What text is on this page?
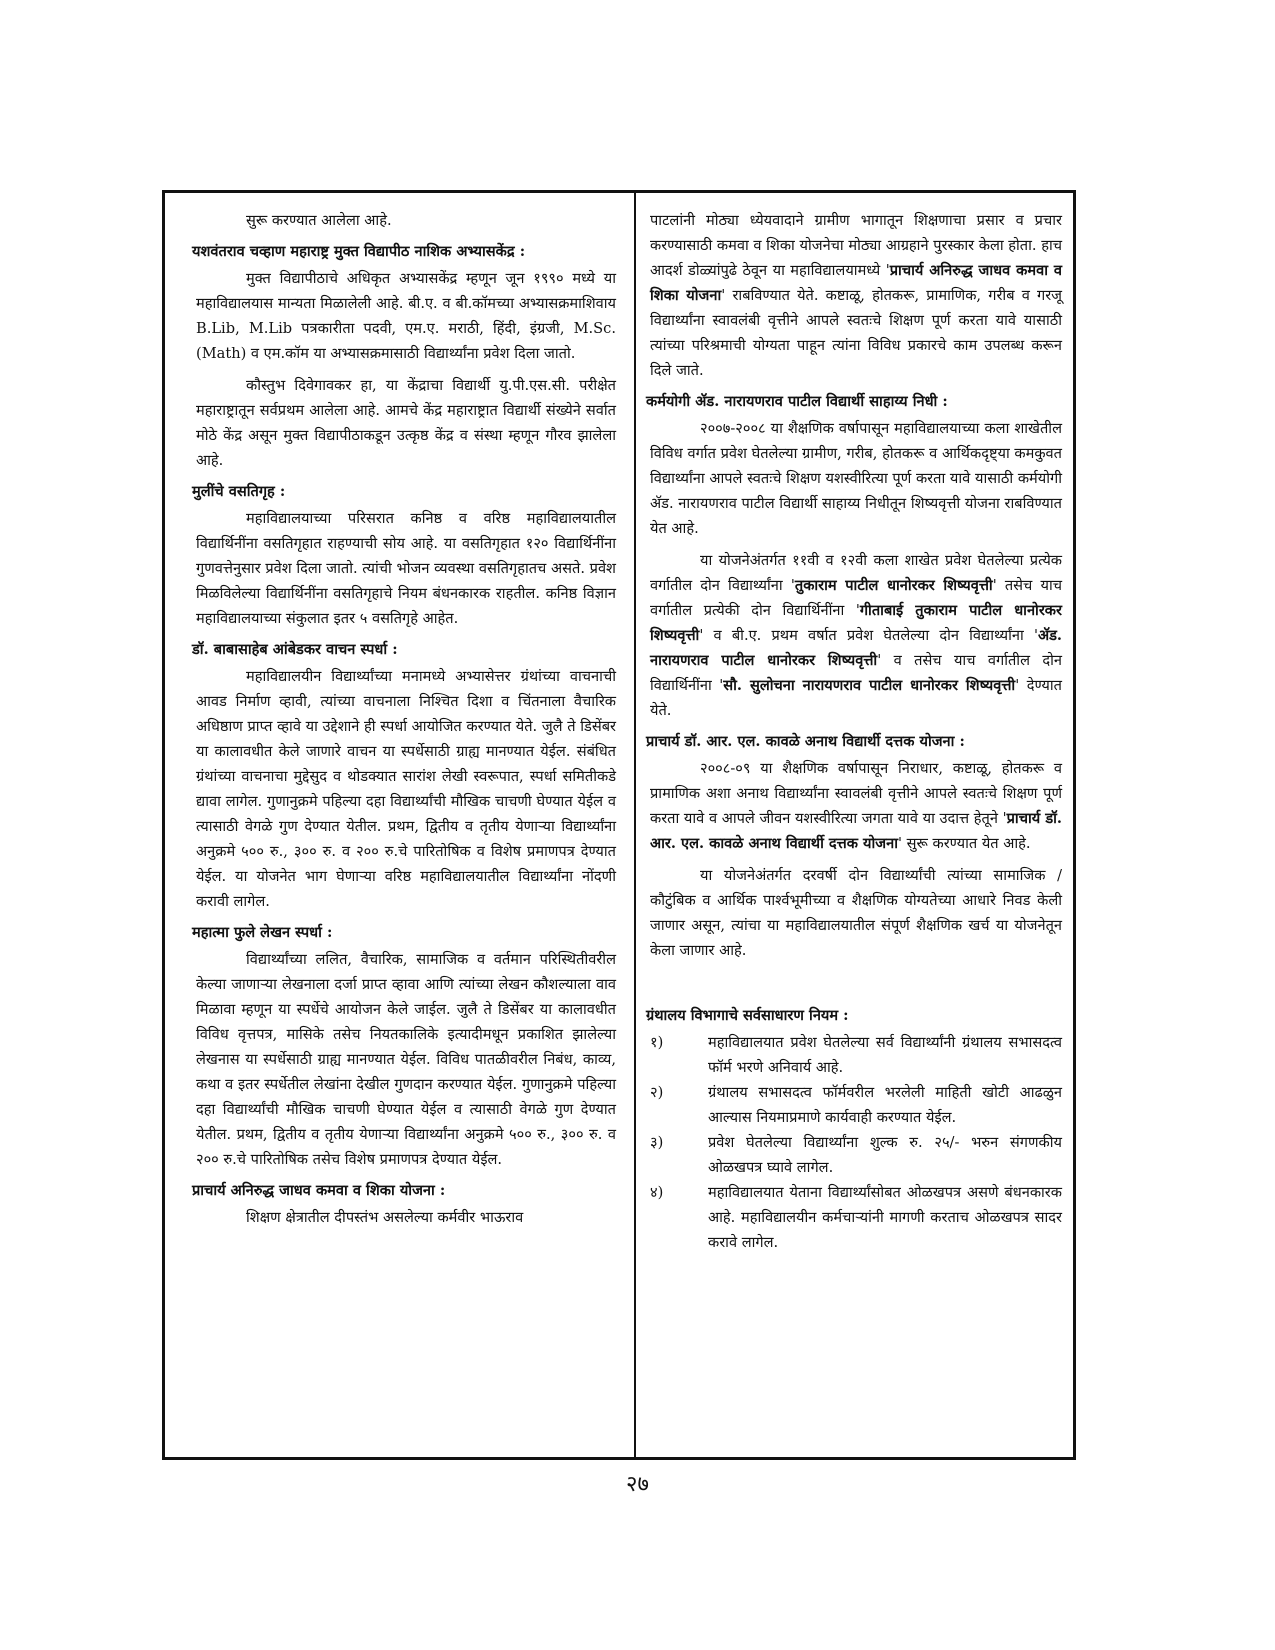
सुरू करण्यात आलेला आहे.

यशवंतराव चव्हाण महाराष्ट्र मुक्त विद्यापीठ नाशिक अभ्यासकेंद्र :

मुक्त विद्यापीठाचे अधिकृत अभ्यासकेंद्र म्हणून जून १९९० मध्ये या महाविद्यालयास मान्यता मिळालेली आहे. बी.ए. व बी.कॉमच्या अभ्यासक्रमाशिवाय B.Lib, M.Lib पत्रकारीता पदवी, एम.ए. मराठी, हिंदी, इंग्रजी, M.Sc. (Math) व एम.कॉम या अभ्यासक्रमासाठी विद्यार्थ्यांना प्रवेश दिला जातो.

कौस्तुभ दिवेगावकर हा, या केंद्राचा विद्यार्थी यु.पी.एस.सी. परीक्षेत महाराष्ट्रातून सर्वप्रथम आलेला आहे. आमचे केंद्र महाराष्ट्रात विद्यार्थी संख्येने सर्वात मोठे केंद्र असून मुक्त विद्यापीठाकडून उत्कृष्ठ केंद्र व संस्था म्हणून गौरव झालेला आहे.

मुलींचे वसतिगृह :

महाविद्यालयाच्या परिसरात कनिष्ठ व वरिष्ठ महाविद्यालयातील विद्यार्थिनींना वसतिगृहात राहण्याची सोय आहे. या वसतिगृहात १२० विद्यार्थिनींना गुणवत्तेनुसार प्रवेश दिला जातो. त्यांची भोजन व्यवस्था वसतिगृहातच असते. प्रवेश मिळविलेल्या विद्यार्थिनींना वसतिगृहाचे नियम बंधनकारक राहतील. कनिष्ठ विज्ञान महाविद्यालयाच्या संकुलात इतर ५ वसतिगृहे आहेत.

डॉ. बाबासाहेब आंबेडकर वाचन स्पर्धा :

महाविद्यालयीन विद्यार्थ्यांच्या मनामध्ये अभ्यासेत्तर ग्रंथांच्या वाचनाची आवड निर्माण व्हावी, त्यांच्या वाचनाला निश्चित दिशा व चिंतनाला वैचारिक अधिष्ठाण प्राप्त व्हावे या उद्देशाने ही स्पर्धा आयोजित करण्यात येते. जुलै ते डिसेंबर या कालावधीत केले जाणारे वाचन या स्पर्धेसाठी ग्राह्य मानण्यात येईल. संबंधित ग्रंथांच्या वाचनाचा मुद्देसुद व थोडक्यात सारांश लेखी स्वरूपात, स्पर्धा समितीकडे द्यावा लागेल. गुणानुक्रमे पहिल्या दहा विद्यार्थ्यांची मौखिक चाचणी घेण्यात येईल व त्यासाठी वेगळे गुण देण्यात येतील. प्रथम, द्वितीय व तृतीय येणाऱ्या विद्यार्थ्यांना अनुक्रमे ५०० रु., ३०० रु. व २०० रु.चे पारितोषिक व विशेष प्रमाणपत्र देण्यात येईल. या योजनेत भाग घेणाऱ्या वरिष्ठ महाविद्यालयातील विद्यार्थ्यांना नोंदणी करावी लागेल.

महात्मा फुले लेखन स्पर्धा :

विद्यार्थ्यांच्या ललित, वैचारिक, सामाजिक व वर्तमान परिस्थितीवरील केल्या जाणाऱ्या लेखनाला दर्जा प्राप्त व्हावा आणि त्यांच्या लेखन कौशल्याला वाव मिळावा म्हणून या स्पर्धेचे आयोजन केले जाईल. जुलै ते डिसेंबर या कालावधीत विविध वृत्तपत्र, मासिके तसेच नियतकालिके इत्यादीमधून प्रकाशित झालेल्या लेखनास या स्पर्धेसाठी ग्राह्य मानण्यात येईल. विविध पातळीवरील निबंध, काव्य, कथा व इतर स्पर्धेतील लेखांना देखील गुणदान करण्यात येईल. गुणानुक्रमे पहिल्या दहा विद्यार्थ्यांची मौखिक चाचणी घेण्यात येईल व त्यासाठी वेगळे गुण देण्यात येतील. प्रथम, द्वितीय व तृतीय येणाऱ्या विद्यार्थ्यांना अनुक्रमे ५०० रु., ३०० रु. व २०० रु.चे पारितोषिक तसेच विशेष प्रमाणपत्र देण्यात येईल.

प्राचार्य अनिरुद्ध जाधव कमवा व शिका योजना :

शिक्षण क्षेत्रातील दीपस्तंभ असलेल्या कर्मवीर भाऊराव

पाटलांनी मोठ्या ध्येयवादाने ग्रामीण भागातून शिक्षणाचा प्रसार व प्रचार करण्यासाठी कमवा व शिका योजनेचा मोठ्या आग्रहाने पुरस्कार केला होता. हाच आदर्श डोळ्यांपुढे ठेवून या महाविद्यालयामध्ये 'प्राचार्य अनिरुद्ध जाधव कमवा व शिका योजना' राबविण्यात येते. कष्टाळू, होतकरू, प्रामाणिक, गरीब व गरजू विद्यार्थ्यांना स्वावलंबी वृत्तीने आपले स्वतःचे शिक्षण पूर्ण करता यावे यासाठी त्यांच्या परिश्रमाची योग्यता पाहून त्यांना विविध प्रकारचे काम उपलब्ध करून दिले जाते.

कर्मयोगी ॲड. नारायणराव पाटील विद्यार्थी साहाय्य निधी :

२००७-२००८ या शैक्षणिक वर्षापासून महाविद्यालयाच्या कला शाखेतील विविध वर्गात प्रवेश घेतलेल्या ग्रामीण, गरीब, होतकरू व आर्थिकदृष्ट्या कमकुवत विद्यार्थ्यांना आपले स्वतःचे शिक्षण यशस्वीरित्या पूर्ण करता यावे यासाठी कर्मयोगी ॲड. नारायणराव पाटील विद्यार्थी साहाय्य निधीतून शिष्यवृत्ती योजना राबविण्यात येत आहे.

या योजनेअंतर्गत ११वी व १२वी कला शाखेत प्रवेश घेतलेल्या प्रत्येक वर्गातील दोन विद्यार्थ्यांना 'तुकाराम पाटील धानोरकर शिष्यवृत्ती' तसेच याच वर्गातील प्रत्येकी दोन विद्यार्थिनींना 'गीताबाई तुकाराम पाटील धानोरकर शिष्यवृत्ती' व बी.ए. प्रथम वर्षात प्रवेश घेतलेल्या दोन विद्यार्थ्यांना 'ॲड. नारायणराव पाटील धानोरकर शिष्यवृत्ती' व तसेच याच वर्गातील दोन विद्यार्थिनींना 'सौ. सुलोचना नारायणराव पाटील धानोरकर शिष्यवृत्ती' देण्यात येते.

प्राचार्य डॉ. आर. एल. कावळे अनाथ विद्यार्थी दत्तक योजना :

२००८-०९ या शैक्षणिक वर्षापासून निराधार, कष्टाळू, होतकरू व प्रामाणिक अशा अनाथ विद्यार्थ्यांना स्वावलंबी वृत्तीने आपले स्वतःचे शिक्षण पूर्ण करता यावे व आपले जीवन यशस्वीरित्या जगता यावे या उदात्त हेतूने 'प्राचार्य डॉ. आर. एल. कावळे अनाथ विद्यार्थी दत्तक योजना' सुरू करण्यात येत आहे.

या योजनेअंतर्गत दरवर्षी दोन विद्यार्थ्यांची त्यांच्या सामाजिक / कौटुंबिक व आर्थिक पार्श्वभूमीच्या व शैक्षणिक योग्यतेच्या आधारे निवड केली जाणार असून, त्यांचा या महाविद्यालयातील संपूर्ण शैक्षणिक खर्च या योजनेतून केला जाणार आहे.

ग्रंथालय विभागाचे सर्वसाधारण नियम :

१)	महाविद्यालयात प्रवेश घेतलेल्या सर्व विद्यार्थ्यांनी ग्रंथालय सभासदत्व फॉर्म भरणे अनिवार्य आहे.
२)	ग्रंथालय सभासदत्व फॉर्मवरील भरलेली माहिती खोटी आढळुन आल्यास नियमाप्रमाणे कार्यवाही करण्यात येईल.
३)	प्रवेश घेतलेल्या विद्यार्थ्यांना शुल्क रु. २५/- भरुन संगणकीय ओळखपत्र घ्यावे लागेल.
४)	महाविद्यालयात येताना विद्यार्थ्यांसोबत ओळखपत्र असणे बंधनकारक आहे. महाविद्यालयीन कर्मचाऱ्यांनी मागणी करताच ओळखपत्र सादर करावे लागेल.
२७
